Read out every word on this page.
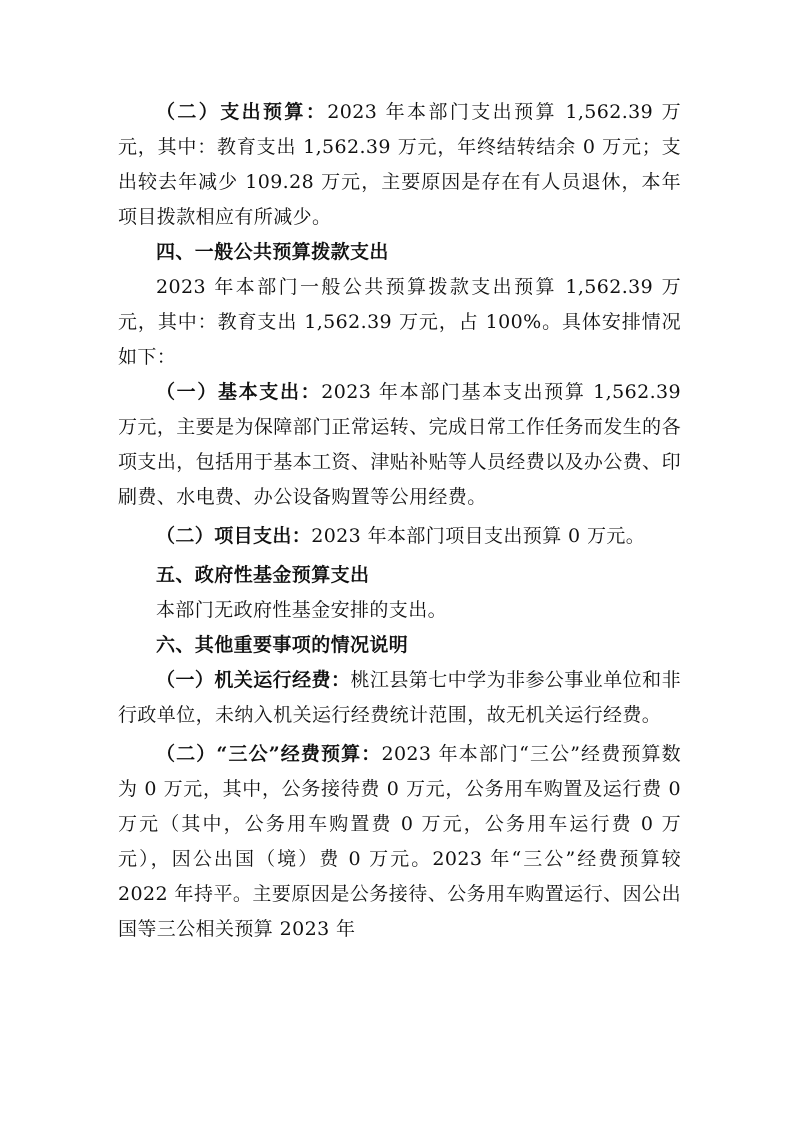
（二）支出预算：2023 年本部门支出预算 1,562.39 万元，其中：教育支出 1,562.39 万元，年终结转结余 0 万元；支出较去年减少 109.28 万元，主要原因是存在有人员退休，本年项目拨款相应有所减少。

四、一般公共预算拨款支出

2023 年本部门一般公共预算拨款支出预算 1,562.39 万元，其中：教育支出 1,562.39 万元，占 100%。具体安排情况如下：

（一）基本支出：2023 年本部门基本支出预算 1,562.39 万元，主要是为保障部门正常运转、完成日常工作任务而发生的各项支出，包括用于基本工资、津贴补贴等人员经费以及办公费、印刷费、水电费、办公设备购置等公用经费。

（二）项目支出：2023 年本部门项目支出预算 0 万元。

五、政府性基金预算支出

本部门无政府性基金安排的支出。

六、其他重要事项的情况说明

（一）机关运行经费：桃江县第七中学为非参公事业单位和非行政单位，未纳入机关运行经费统计范围，故无机关运行经费。

（二）“三公”经费预算：2023 年本部门“三公”经费预算数为 0 万元，其中，公务接待费 0 万元，公务用车购置及运行费 0 万元（其中，公务用车购置费 0 万元，公务用车运行费 0 万元），因公出国（境）费 0 万元。2023 年“三公”经费预算较 2022 年持平。主要原因是公务接待、公务用车购置运行、因公出国等三公相关预算 2023 年
